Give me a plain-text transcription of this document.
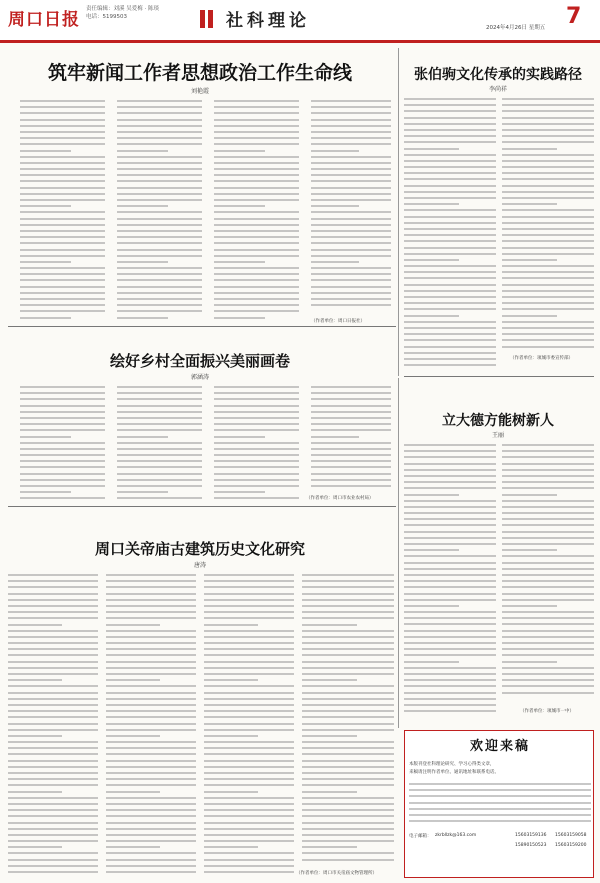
周口日报
责任编辑：刘溪 吴爱梅 · 陈琰
电话：5199503	社科理论	2024年4月26日 星期五 7
筑牢新闻工作者思想政治工作生命线
刘艳霞
（作者单位：周口日报社）
张伯驹文化传承的实践路径
李尚祥
（作者单位：项城市委宣传部）
绘好乡村全面振兴美丽画卷
郭涵涛
（作者单位：周口市农业农村局）
立大德方能树新人
王丽
（作者单位：项城市一中）
周口关帝庙古建筑历史文化研究
唐涛
（作者单位：周口市关帝庙文物管理所）
欢迎来稿
本版刊登社科理论研究、学习心得类文章，
来稿请注明作者单位、通讯地址和联系电话。
电子邮箱： zkrbllzk@163.com	15603159136 15603159058
15890150523 15603159200
